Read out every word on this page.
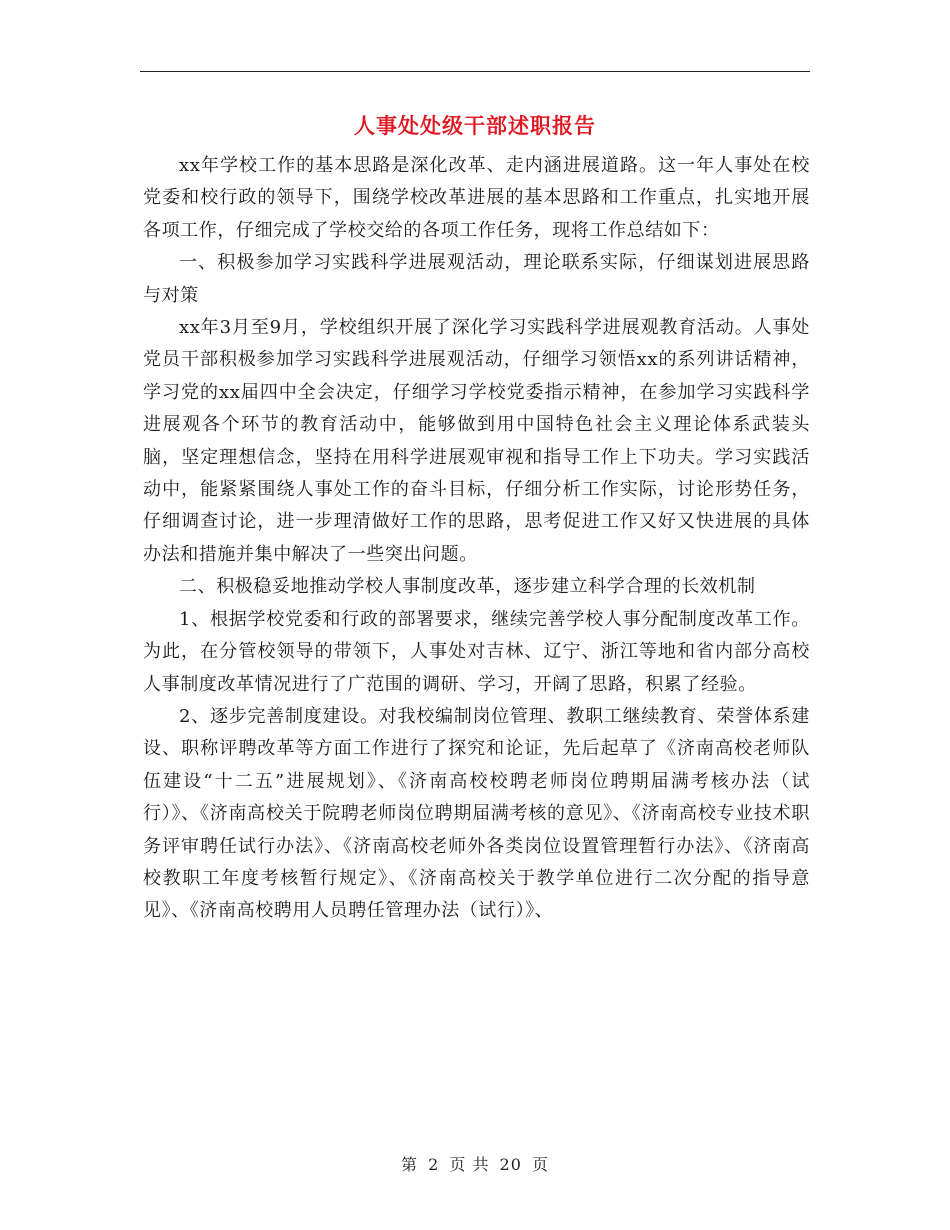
人事处处级干部述职报告

xx年学校工作的基本思路是深化改革、走内涵进展道路。这一年人事处在校党委和校行政的领导下，围绕学校改革进展的基本思路和工作重点，扎实地开展各项工作，仔细完成了学校交给的各项工作任务，现将工作总结如下：

一、积极参加学习实践科学进展观活动，理论联系实际，仔细谋划进展思路与对策

xx年3月至9月，学校组织开展了深化学习实践科学进展观教育活动。人事处党员干部积极参加学习实践科学进展观活动，仔细学习领悟xx的系列讲话精神，学习党的xx届四中全会决定，仔细学习学校党委指示精神，在参加学习实践科学进展观各个环节的教育活动中，能够做到用中国特色社会主义理论体系武装头脑，坚定理想信念，坚持在用科学进展观审视和指导工作上下功夫。学习实践活动中，能紧紧围绕人事处工作的奋斗目标，仔细分析工作实际，讨论形势任务，仔细调查讨论，进一步理清做好工作的思路，思考促进工作又好又快进展的具体办法和措施并集中解决了一些突出问题。

二、积极稳妥地推动学校人事制度改革，逐步建立科学合理的长效机制

1、根据学校党委和行政的部署要求，继续完善学校人事分配制度改革工作。为此，在分管校领导的带领下，人事处对吉林、辽宁、浙江等地和省内部分高校人事制度改革情况进行了广范围的调研、学习，开阔了思路，积累了经验。

2、逐步完善制度建设。对我校编制岗位管理、教职工继续教育、荣誉体系建设、职称评聘改革等方面工作进行了探究和论证，先后起草了《济南高校老师队伍建设“十二五”进展规划》、《济南高校校聘老师岗位聘期届满考核办法（试行）》、《济南高校关于院聘老师岗位聘期届满考核的意见》、《济南高校专业技术职务评审聘任试行办法》、《济南高校老师外各类岗位设置管理暂行办法》、《济南高校教职工年度考核暂行规定》、《济南高校关于教学单位进行二次分配的指导意见》、《济南高校聘用人员聘任管理办法（试行）》、

第 2 页 共 20 页
